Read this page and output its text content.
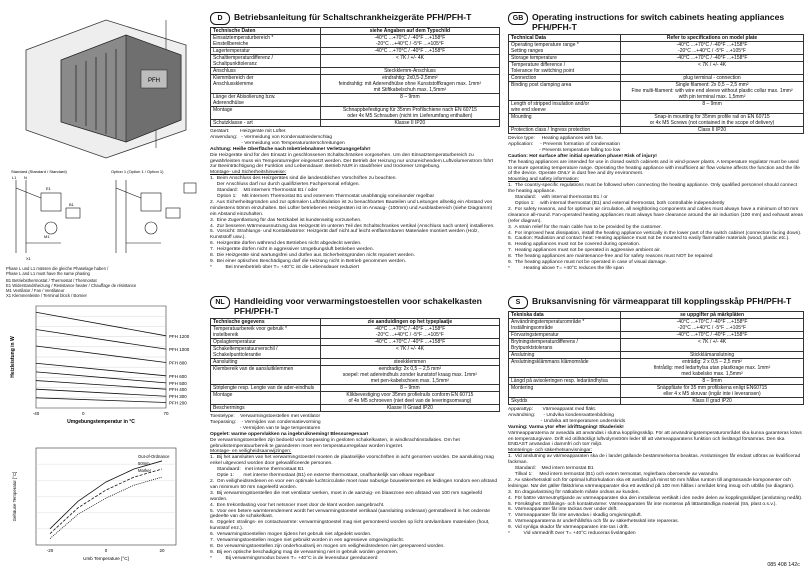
PFH
Standard (Standard / Standard)	Option 1 (Option 1 / Option 1)
L1 N
E1
M1
B1
X1
Phase L und L1 müssen die gleiche Phaselage haben /
Phase L and L1 must have the same phasing
B1 Betriebsthermostat / Thermostat / Thermostat
E1 Widerstandsheizung / Resistance heater / Chauffage de résistance
M1 Ventilator / Fan / Ventilateur
X1 Klemmenleiste / Terminal block / Bornier
PFH 1200
PFH 1000
PFH 800
PFH 600
PFH 500
PFH 400
PFH 300
PFH 200
-40	0	70
Umgebungstemperatur in °C
Heizleistung in W
Out-of-Ordnance
50mm
Marker
-20	0	20
Umb Temperature [°C]
Gehäuse Temperatur [°C]
D	Betriebsanleitung für Schaltschrankheizgeräte PFH/PFH-T
Technische Daten	siehe Angaben auf dem Typschild
Einsatztemperaturbereich *
Einstellbereiche	-40°C ...+70°C / -40°F ...+158°F
-20°C ...+40°C / -5°F ...+105°F
Lagertemperatur	-40°C ...+70°C / -40°F ...+158°F
Schalttemperaturdifferenz /
Schaltpunkttoleranz	< 7K / +/- 4K
Anschluss	Steckklemm-Anschluss
Klemmbereich der
Anschlussklemme	eindrahtig: 2x0,5-2,5mm²
feindrahtig: mit Aderendhülse ohne Kunststoffkragen max. 1mm²
mit Stiftkabelschuh max. 1,5mm²
Länge der Abisolierung bzw.
Aderendhülse	8 – 9mm
Montage	Schnappbefestigung für 35mm Profilschiene nach EN 60715
oder 4x M5 Schrauben (nicht im Lieferumfang enthalten)
Schutzklasse - art	Klasse II IP20

Gerätart:        Heizgeräte mit Lüfter.

Anwendung:   - Vermeidung von Kondensatniederschlag

- Vermeidung von Temperaturunterschreitungen

Achtung: Heiße Oberfläche nach Inbetriebnahme! Verletzungsgefahr!

Die Heizgeräte sind für den Einsatz in geschlossenen Schaltschränken vorgesehen. Um den Einsatztemperaturbereich zu gewährleisten muss ein Temperaturregler eingesetzt werden. Der Betrieb der Heizung nur unzureichendem Luftvolumenstrom führt zur Beeinträchtigung der Funktion und Lebensdauer. Betrieb NUR in staubfreier und trockener Umgebung.

Montage- und Sicherheitshinweise:

1.  Beim Anschluss des Heizgerätes sind die landesüblichen Vorschriften zu beachten.

Der Anschluss darf nur durch qualifiziertes Fachpersonal erfolgen.

Standard:    Mit internem Thermostat B1 / oder

Option 1:    Mit internem Thermostat B1 und externem Thermostat unabhängig voneinander regelbar

2.  Aus Sicherheitsgründen und zur optimalen Luftzirkulation ist zu benachbarten Bauteilen und Leitungen allseitig ein Abstand von mindestens 50mm einzuhalten. Bei Lüfter betriebenen Heizgeräten ist im Ansaug- (100mm) und Ausblasbereich (siehe Diagramm) ein Abstand einzuhalten.

3.  Eine Zugentlastung für das Netzkabel ist kundenseitig vorzusehen.

4.  Zur besseren Wärmeausnutzung das Heizgerät im unteren Teil des Schaltschrankes vertikal (Anschluss nach unten) installieren.

5.  Vorsicht: Strahlungs- und Kontaktwärme: Heizgerät darf nicht auf leicht entflammbaren Materialen montiert werden (Holz, Kunststoff usw.).

6.  Heizgeräte dürfen während des Betriebes nicht abgedeckt werden.

7.  Heizgeräte dürfen nicht in aggressiver Umgebungsluft betrieben werden.

8.  Die Heizgeräte sind wartungsfrei und dürfen aus Sicherheitsgründen nicht repariert werden.

9.  Bei einer optischen Beschädigung darf die Heizung nicht in Betrieb genommen werden.

*          Bei Innenbetrieb über T= +40°C ist die Lebensdauer reduziert

GB	Operating instructions for switch cabinets heating appliances PFH/PFH-T
Technical Data	Refer to specifications on model plate
Operating temperature range *
Setting ranges	-40°C ...+70°C / -40°F ...+158°F
-20°C ...+40°C / -5°F ...+105°F
Storage temperature	-40°C ...+70°C / -40°F ...+158°F
Temperature difference /
Tolerance for switching point	< 7K / +/- 4K
Connection	plug terminal - connection
Binding post clamping area	Single filament: 2x 0,5 – 2,5 mm²
Fine multi-filament: with wire end sleeve without plastic collar max. 1mm²
with pin terminal max. 1,5mm²
Length of stripped insulation and/or
wire end sleeve	8 – 9mm
Mounting	Snap-in mounting for 35mm profile rail on EN 60715
or 4x M5 Screws (not contained in the scope of delivery)
Protection class / Ingress protection	Class II IP20

Device type:     Heating appliances with fan.

Application:     - Prevents formation of condensation

- Prevents temperature falling too low

Caution: Hot surface after initial operation phase! Risk of injury!

The heating appliances are intended for use in closed switch cabinets and in wind-power plants. A temperature regulator must be used to ensure operating temperature range. Operating the heating appliance with insufficient air flow volume affects the function and the life of the device. Operate ONLY in dust free and dry environment.

Mounting and safety information:

1.  The country-specific regulations must be followed when connecting the heating appliance. Only qualified personnel should connect the heating appliance.

Standard:    with internal thermostat B1 / or

Option 1:    with internal thermostat (B1) and external thermostat, both controllable independently

2.  For safety reasons, and for optimum air circulation, all neighboring components and cables must always have a minimum of 50 mm clearance all-round. Fan-operated heating appliances must always have clearance around the air induction (100 mm) and exhaust areas (refer diagram).

3.  A strain relief for the main cable has to be provided by the customer.

4.  For improved heat dissipation, install the heating appliance vertically in the lower part of the switch cabinet (connection facing down).

5.  Caution: Radiation and contact heat: Heating appliance must not be mounted to easily flammable materials (wood, plastic etc.).

6.  Heating appliances must not be covered during operation.

7.  Heating appliances must not be operated in aggressive ambient air.

8.  The heating appliances are maintenance-free and for safety reasons must NOT be repaired

9.  The heating appliance must not be operated in case of visual damage.

*          Heating above T= +40°C reduces the life span

NL	Handleiding voor verwarmingstoestellen voor schakelkasten PFH/PFH-T
Technische gegevens	zie aanduidingen op het typeplaatje
Temperatuurbereik voor gebruik *
instelbereik	-40°C ...+70°C / -40°F ...+158°F
-20°C ...+40°C / -5°F ...+105°F
Opslagtemperatuur	-40°C ...+70°C / -40°F ...+158°F
Schakeltemperatuurverschil /
Schakelpunttolerantie	< 7K / +/- 4K
Aansluiting	steekklemmen
Klembereik van de aansluitklemmen	eendradig: 2x 0,5 – 2,5 mm²
soepel: met adereindhuls zonder kunststof kraag max. 1mm²
met pen-kabelschoen max. 1,5mm²
Striplengte resp. Lengte van de ader-eindhuls	8 – 9mm
Montage	Klikbevestiging voor 35mm profielrails conform EN 60715
of 4x M5 schroeven (niet deel van de leveringsomvang)
Beschermings	Klasse II Graad IP20

Toestelype:    Verwarmingstoestellen met ventilator

Toepassing:    - Vermijden van condensatievorming

- Vermijden van te lage temperaturen

Opgelet: warme oppervlakken na ingebruikneming! Blessuregevaar!

De verwarmingstoestellen zijn bedoeld voor toepassing in gesloten schakelkasten, in windkrachtinstallaties. Om het gebruikstemperatuurbereik te garanderen moet een temperatuurregelaar worden ingezet.

Montage- en veiligheidsaanwijzingen:

1.  Bij het aansluiten van het verwarmingstoestel moeten de plaatselijke voorschriften in acht genomen worden. De aansluiting mag enkel uitgevoerd worden door gekwalificeerde personen.

Standaard:   met interne thermostaat B1

Optie 1:       met interne thermostaat (B1) en externe thermostaat, onafhankelijk van elkaar regelbaar

2.  Om veiligheidsredenen en voor een optimale luchtcirculatie moet naar naburige bouwelementen en leidingen rondom een afstand van minimum 50 mm nageleefd worden.

3.  Bij verwarmingstoestellen die met ventilator werken, moet in de aanzuig- en blaaszone een afstand van 100 mm nageleefd worden.

4.  Een trekontlasting voor het netsnoer moet door de klant worden aangebracht.

5.  Voor een betere warmterendement wordt het verwarmingstoestel vertikaal (aansluiting onderaan) geïnstalleerd in het onderste gedeelte van de schakelkast.

6.  Opgelet: stralings- en contactwarmte: verwarmingstoestel mag niet gemonteerd worden op licht ontvlambare materialen (hout, kunststof enz.).

6.  Verwarmingstoestellen mogen tijdens het gebruik niet afgedekt worden.

7.  Verwarmingstoestellen mogen niet gebruikt worden in een agressieve omgevingslucht.

8.  De verwarmingstoestellen zijn onderhoudsvrij en mogen om veiligheidsredenen niet gerepareerd worden.

9.  Bij een optische beschadiging mag de verwarming niet in gebruik worden genomen.

*          Bij verwarmingsmodus boven T= +40°C is de levensduur gereduceerd

S	Bruksanvisning för värmeapparat till kopplingsskåp PFH/PFH-T
Tekniska data	se uppgifter på märkplåten
Användningstemperaturområde *
Inställningsområde	-40°C ...+70°C / -40°F ...+158°F
-20°C ...+40°C / -5°F ...+105°F
Förvaringstemperatur	-40°C ...+70°C / -40°F ...+158°F
Brytningstemperaturdifferens /
Brytpunktstolerans	< 7K / +/- 4K
Anslutning	Stickklämanslutning
Anslutningsklämmans klämområde	entrådig: 2 x 0,5 – 2,5 mm²
fintrådig: med ledarhylsa utan plastkrage max. 1mm²
med kabelsko max. 1,5mm²
Längd på avisoleringen resp. ledarändhylsa	8 – 9mm
Montering	Snäppfäste för 35 mm profilskena enligt EN60715
eller 4 x M5 skruvar (ingår inte i leveransen)
Skydds	Klass II grad IP20

Apparattyp:       Värmeapparat med fläkt.

Användning:      - Undvika kondensvattenbildning

- Undvika att temperaturen underskrids

Varning: Varma ytor efter idrifttagning! Skaderisk!

Värmeapparaterna är avsedda att användas i slutna kopplingsskåp. För att användningstemperaturområdet ska kunna garanteras krävs en temperaturgivare. Drift vid otillräckligt luftvolymström leder till att värmeapparatens funktion och livslängd försämras. Den ska ENDAST användas i dammfri och torr miljö.

Monterings- och säkerhetsanvisningar:

1.  Vid anslutning av värmeapparaten ska de i landet gällande bestämmelserna beaktas. Anslutningen får endast utföras av kvalificerad fackman.

Standard:    Med intern termostat B1

Tillval 1:     Med intern termostat (B1) och extern termostat, reglerbara oberoende av varandra

2.  Av säkerhetsskäl och för optimal luftcirkulation ska ett avstånd på minst 50 mm hållas runtom till angränsande komponenter och ledningar. När det gäller fläktdrivna värmeapparater ska ett avstånd på 100 mm hållas i området kring insug och utblås (se diagram).

3.  En dragavlastning för nätkabeln måste ordnas av kunden.

4.  För bättre värmeutnyttjande av värmeapparaten ska den installeras vertikalt i den nedre delen av kopplingsskåpet (anslutning nedåt).

5.  Försiktighet: Strålnings- och kontaktvärme: Värmeapparaten får inte monteras på lättantändliga material (trä, plast o.s.v.).

6.  Värmeapparater får inte täckas över under drift.

7.  Värmeapparater får inte användas i skadlig omgivningsluft.

8.  Värmeapparaterna är underhållsfria och får av säkerhetsskäl inte repareras.

9.  Vid synliga skador får värmeapparaten inte tas i drift.

*          Vid värmedrift över T= +40°C reduceras livslängden

085 408 142c
